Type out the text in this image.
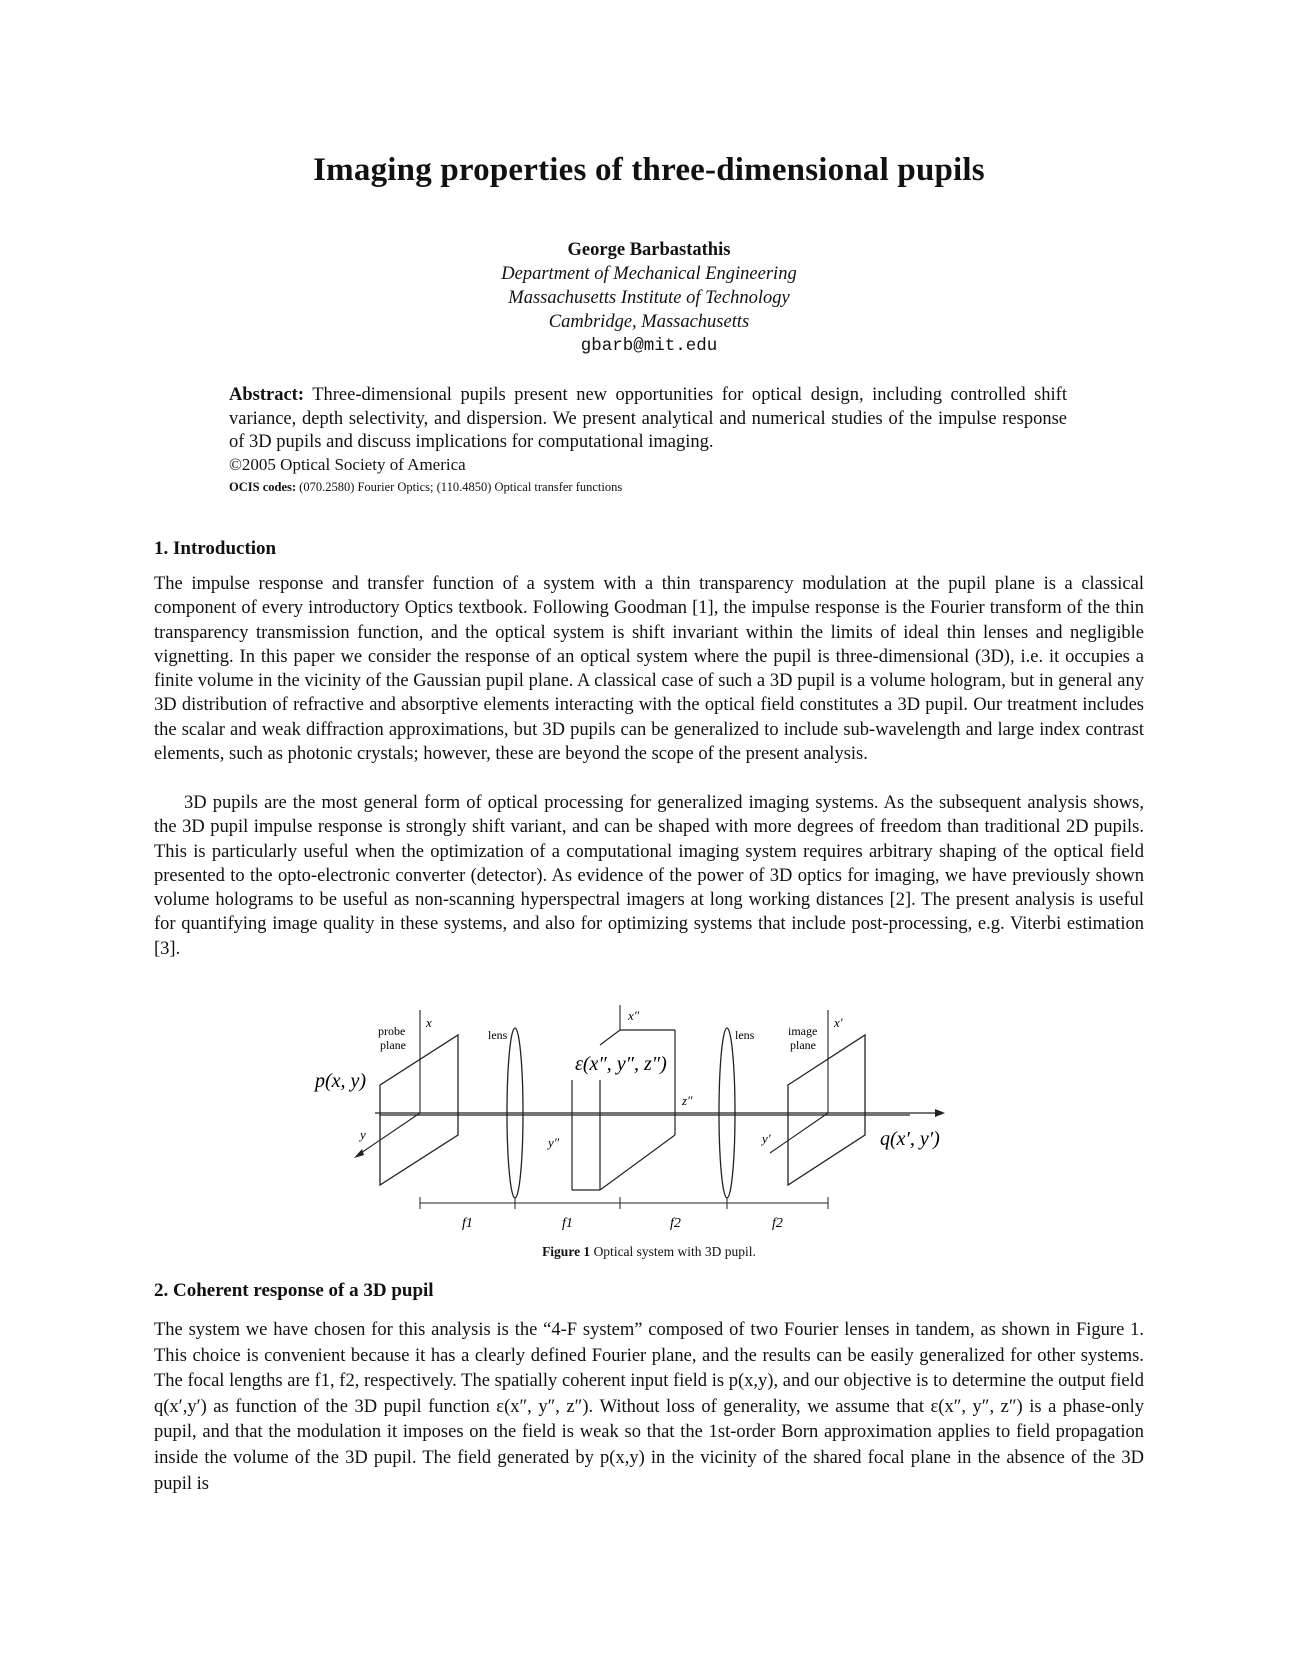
Imaging properties of three-dimensional pupils
George Barbastathis
Department of Mechanical Engineering
Massachusetts Institute of Technology
Cambridge, Massachusetts
gbarb@mit.edu
Abstract: Three-dimensional pupils present new opportunities for optical design, including controlled shift variance, depth selectivity, and dispersion. We present analytical and numerical studies of the impulse response of 3D pupils and discuss implications for computational imaging.
©2005 Optical Society of America
OCIS codes: (070.2580) Fourier Optics; (110.4850) Optical transfer functions
1. Introduction

The impulse response and transfer function of a system with a thin transparency modulation at the pupil plane is a classical component of every introductory Optics textbook. Following Goodman [1], the impulse response is the Fourier transform of the thin transparency transmission function, and the optical system is shift invariant within the limits of ideal thin lenses and negligible vignetting. In this paper we consider the response of an optical system where the pupil is three-dimensional (3D), i.e. it occupies a finite volume in the vicinity of the Gaussian pupil plane. A classical case of such a 3D pupil is a volume hologram, but in general any 3D distribution of refractive and absorptive elements interacting with the optical field constitutes a 3D pupil. Our treatment includes the scalar and weak diffraction approximations, but 3D pupils can be generalized to include sub-wavelength and large index contrast elements, such as photonic crystals; however, these are beyond the scope of the present analysis.

3D pupils are the most general form of optical processing for generalized imaging systems. As the subsequent analysis shows, the 3D pupil impulse response is strongly shift variant, and can be shaped with more degrees of freedom than traditional 2D pupils. This is particularly useful when the optimization of a computational imaging system requires arbitrary shaping of the optical field presented to the opto-electronic converter (detector). As evidence of the power of 3D optics for imaging, we have previously shown volume holograms to be useful as non-scanning hyperspectral imagers at long working distances [2]. The present analysis is useful for quantifying image quality in these systems, and also for optimizing systems that include post-processing, e.g. Viterbi estimation [3].

probe
plane
x
y
p(x, y)
lens
ε(x″, y″, z″)
x″
y″
z″
lens	image
plane
x′
y′	q(x′, y′)
f1	f1	f2	f2
Figure 1 Optical system with 3D pupil.
2. Coherent response of a 3D pupil

The system we have chosen for this analysis is the “4-F system” composed of two Fourier lenses in tandem, as shown in Figure 1. This choice is convenient because it has a clearly defined Fourier plane, and the results can be easily generalized for other systems. The focal lengths are f1, f2, respectively. The spatially coherent input field is p(x,y), and our objective is to determine the output field q(x′,y′) as function of the 3D pupil function ε(x″, y″, z″). Without loss of generality, we assume that ε(x″, y″, z″) is a phase-only pupil, and that the modulation it imposes on the field is weak so that the 1st-order Born approximation applies to field propagation inside the volume of the 3D pupil. The field generated by p(x,y) in the vicinity of the shared focal plane in the absence of the 3D pupil is
